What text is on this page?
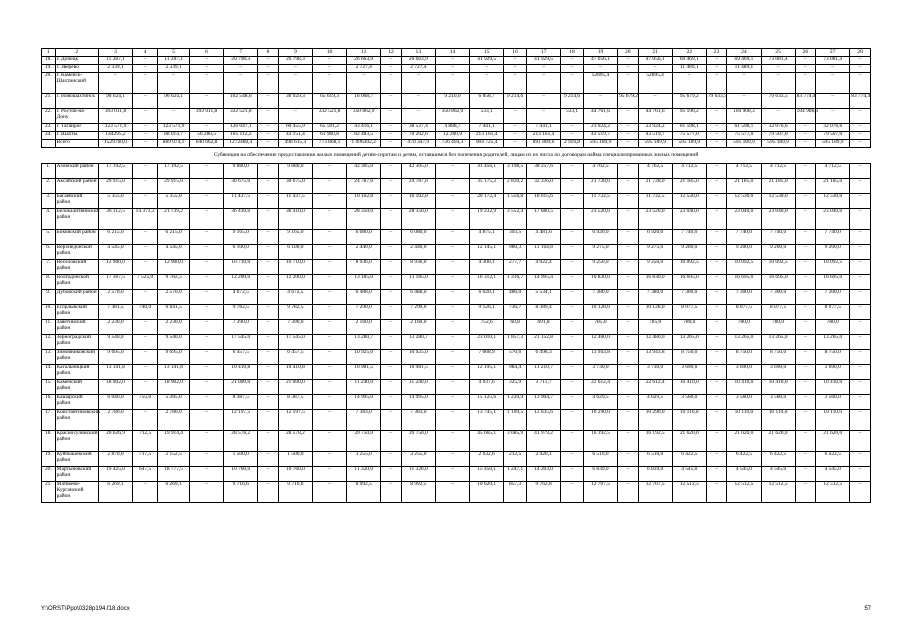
1	2	3	4	5	6	7	8	9	10	11	12	13	14	15	16	17	18	19	20	21	22	23	24	25	26	27	28
18.	г. Донецк	11 287,1	–	11 287,1	–	20 798,3	–	20 798,3	–	26 663,9	–	26 663,9	–	41 929,5	–	41 929,5	–	47 056,1	–	47 056,1	69 469,1	–	69 469,1	73 081,4	–	73 081,4	–
19.	г. Зверево	2 339,1	–	2 339,1	–	–	–	–	–	2 727,4	–	2 727,4	–	–	–	–	–	–	–	–	11 489,1	–	11 489,1	–	–	–	–
20.	г. Каменск-Шахтинский	–	–	–	–	–	–	–	–	–	–	–	–	–	–	–	–	52895,4	–	52895,4	–	–	–	–	–	–	–
21.	г. Новошахтинск	90 624,1	–	90 624,1	–	102 548,6	–	36 929,3	65 619,3	16 068,7	–	–	9 210,0	6 858,7	9 214,6	–	9 214,6	–	95 679,2	–	95 679,2	79 633,5	–	79 633,5	83 774,4	–	83 774,4
22.	г. Ростов-на-Дону	393 011,8	–	–	393 011,8	332 521,8	–	–	332 521,8	350 862,9	–	–	350 862,9	533,1	–	–	533,1	44 761,6	–	44 761,6	95 196,2	–	104 908,3	–	104 908,3	–	–
23.	г. Таганрог	123 571,9	–	123 571,9	–	126 047,1	–	60 455,9	65 591,2	43 416,1	–	38 527,4	4 888,7	7 441,1	–	7 441,1	–	23 924,2	–	23 924,2	61 598,1	–	61 598,1	32 076,6	–	32 076,6	–
24.	г. Шахты	144295,2	–	88 014,7	56 280,5	105 112,2	–	43 151,4	61 960,8	82 483,5	–	70 202,6	12 280,9	213 161,4	–	213 161,4	–	43 519,7	–	43 519,7	75 577,0	–	75 577,0	79 507,0	–	79 507,0	–
	Всего	1529760,0	–	889 074,1	640 662,8	1272480,4	–	498 615,3	773 868,1	1 096302,2	–	470 347,9	726 494,3	904 725,4	–	891 809,6	2 916,8	595 189,9	–	595 189,9	595 189,9	–	595 189,9	595 189,9	–	595 189,9	–
Субвенция на обеспечение предоставления жилых помещений детям-сиротам и детям, оставшимся без попечения родителей, лицам из их числа по договорам найма специализированных жилых помещений																											
1.	Азовский район	17 192,5	–	17 192,5	–	9 880,0	–	9 880,0	–	42 305,0	–	42 305,0	–	41 456,1	3 198,5	38 257,6	–	4 762,5	–	4 762,5	4 712,5	–	4 712,5	4 712,5	–	4 712,5	–
2.	Аксайский район	29 915,0	–	29 915,0	–	30 675,0	–	30 675,0	–	24 787,6	–	24 787,6	–	35 175,2	2 839,2	32 336,0	–	21 728,0	–	21 728,0	21 185,0	–	21 185,0	21 185,0	–	21 185,0	–
3.	Багаевский район	5 355,0	–	5 355,0	–	11 437,5	–	11 437,5	–	10 102,8	–	10 102,8	–	20 172,4	1 556,8	18 615,6	–	11 732,5	–	11 732,5	12 530,0	–	12 530,0	12 530,0	–	12 530,0	–
4.	Белокалитвинский район	36 112,5	14 373,3	21 739,2	–	36 410,0	–	36 410,0	–	28 350,0	–	28 350,0	–	19 232,9	3 552,4	17 680,5	–	23 520,0	–	23 520,0	23 040,0	–	23 040,0	23 040,0	–	23 040,0	–
5.	Боковский район	6 215,0	–	6 215,0	–	9 165,0	–	9 165,0	–	6 080,0	–	6 080,0	–	4 875,1	393,5	4 481,6	–	6 920,0	–	6 920,0	7 740,0	–	7 740,0	7 740,0	–	7 740,0	–
6.	Верхнедонской район	4 545,0	–	4 545,0	–	6 100,0	–	6 100,0	–	2 440,0	–	2 440,0	–	12 145,1	980,3	11 164,8	–	9 275,0	–	9 275,0	9 200,0	–	9 200,0	9 200,0	–	9 200,0	–
7.	Веселовский район	12 900,0	–	12 900,0	–	10 710,0	–	10 710,0	–	8 936,0	–	8 936,0	–	4 300,1	277,7	4 022,4	–	9 250,0	–	9 250,0	10 092,5	–	10 092,5	10 092,5	–	10 092,5	–
8.	Волгодонской район	17 307,5	7 525,0	9 782,5	–	12 200,0	–	12 200,0	–	13 185,0	–	13 185,0	–	16 312,1	1 316,7	14 995,4	–	16 830,0	–	16 830,0	16 695,0	–	16 695,0	16 695,0	–	16 695,0	–
9.	Дубовский район	2 570,0	–	2 570,0	–	4 672,5	–	4 672,5	–	6 488,0	–	6 488,0	–	6 020,1	486,0	5 534,1	–	7 380,0	–	7 380,0	7 300,0	–	7 300,0	7 300,0	–	7 300,0	–
10.	Егорлыкский район	7 381,5	740,0	6 641,5	–	9 782,5	–	9 782,5	–	7 290,0	–	7 290,0	–	9 126,1	736,7	8 389,4	–	10 128,0	–	10 128,0	8 077,5	–	8 077,5	8 077,5	–	8 077,5	–
11.	Заветинский район	2 230,0	–	2 230,0	–	7 390,0	–	7 390,0	–	2 160,0	–	2 160,0	–	752,6	60,8	691,8	–	785,0	–	785,0	780,0	–	780,0	780,0	–	780,0	–
12.	Зерноградский район	9 540,0	–	9 540,0	–	17 545,0	–	17 545,0	–	13 280,7	–	13 280,7	–	23 010,1	1 857,3	21 152,8	–	12 480,0	–	12 480,0	13 265,0	–	13 265,0	13 265,0	–	13 265,0	–
13.	Зимовниковский район	9 695,0	–	9 695,0	–	6 457,5	–	6 457,5	–	10 925,0	–	10 925,0	–	7 068,9	570,6	6 498,3	–	13 943,8	–	13 943,8	8 750,0	–	8 750,0	8 750,0	–	8 750,0	–
14.	Кагальницкий район	13 141,8	–	13 141,8	–	10 410,8	–	10 410,8	–	10 981,5	–	10 981,5	–	12 195,1	984,4	11 210,7	–	3 730,0	–	3 730,0	3 690,0	–	3 690,0	3 690,0	–	3 690,0	–
15.	Каменский район	18 902,0	–	18 902,0	–	21 000,0	–	21 000,0	–	11 240,0	–	11 240,0	–	4 037,6	325,9	3 711,7	–	22 612,4	–	22 612,4	10 410,0	–	10 410,0	10 410,0	–	10 410,0	–
16.	Кашарский район	6 040,0	755,0	5 285,0	–	8 387,5	–	8 387,5	–	14 995,0	–	14 995,0	–	15 125,6	1 220,9	13 904,7	–	4 629,5	–	4 629,5	3 560,0	–	3 560,0	3 560,0	–	3 560,0	–
17.	Константиновский район	2 780,0	–	2 780,0	–	12 197,5	–	12 197,5	–	7 383,0	–	7 383,0	–	13 745,1	1 109,5	12 635,6	–	10 290,0	–	10 290,0	10 110,0	–	10 110,0	10 110,0	–	10 110,0	–
18.	Красносулинский район	20 626,9	712,5	19 914,4	–	28 578,2	–	28 578,2	–	39 750,0	–	39 750,0	–	45 665,1	3 685,9	41 979,2	–	16 192,5	–	16 192,5	21 620,0	–	21 620,0	21 620,0	–	21 620,0	–
19.	Куйбышевский район	2 870,0	717,5	2 152,5	–	1 500,0	–	1 500,0	–	3 255,0	–	3 255,0	–	2 632,6	212,5	2 420,1	–	6 510,0	–	6 510,0	6 422,5	–	6 422,5	6 422,5	–	6 422,5	–
20.	Мартыновский район	19 425,0	647,5	18 777,5	–	10 760,0	–	10 760,0	–	11 320,0	–	11 320,0	–	15 450,1	1 247,1	14 203,0	–	6 839,0	–	6 839,0	4 545,0	–	4 545,0	4 545,0	–	4 545,0	–
21.	Матвеево-Курганский район	6 269,1	–	6 269,1	–	9 716,6	–	9 716,6	–	8 992,5	–	8 992,5	–	10 620,1	857,3	9 762,8	–	12 707,5	–	12 707,5	12 512,5	–	12 512,5	12 512,5	–	12 512,5	–
Y:\ORST\Ppo\0328p194.f18.docx	57
